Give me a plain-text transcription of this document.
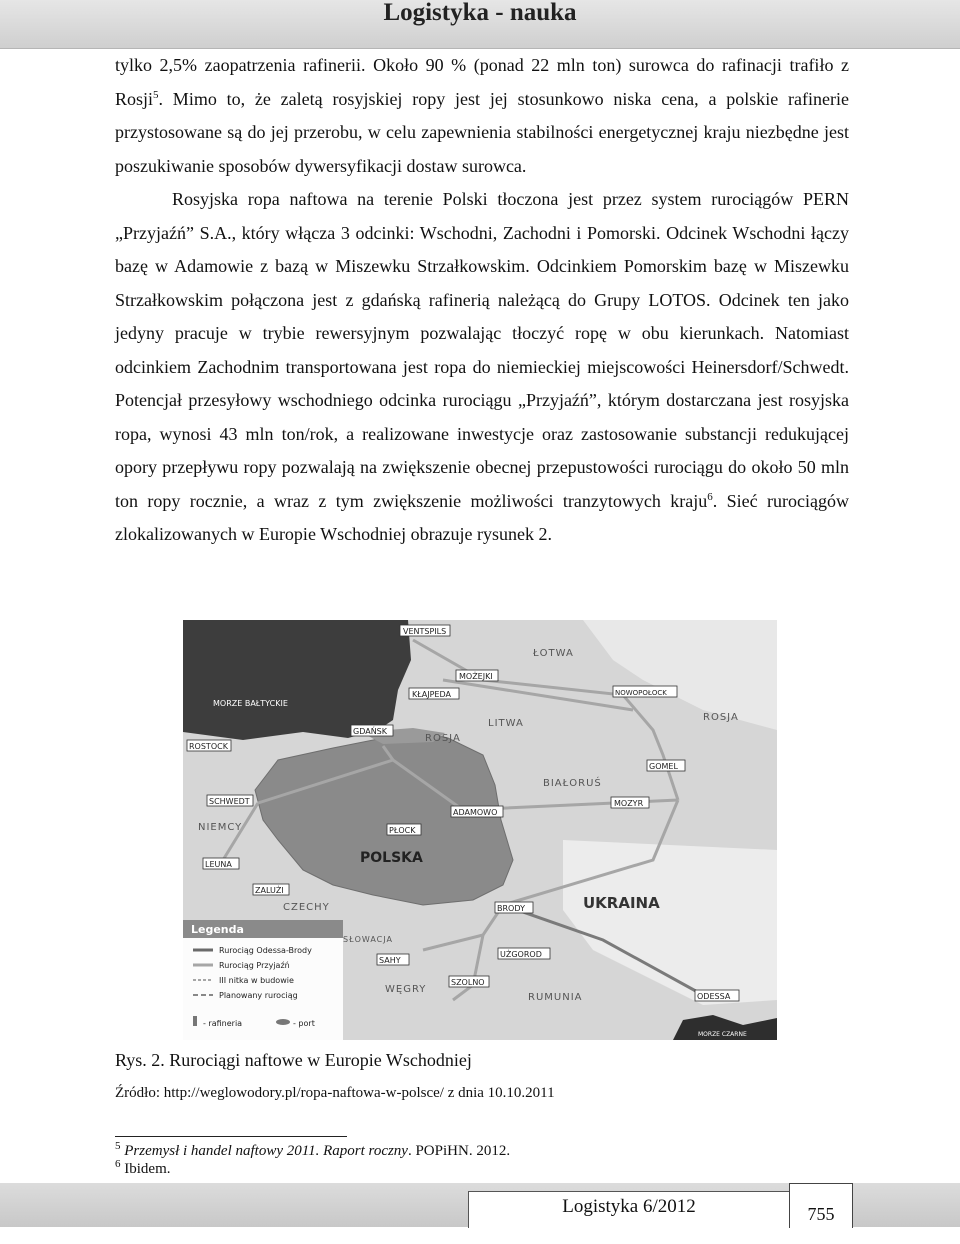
Logistyka - nauka

tylko 2,5% zaopatrzenia rafinerii. Około 90 % (ponad 22 mln ton) surowca do rafinacji trafiło z Rosji$^5$. Mimo to, że zaletą rosyjskiej ropy jest jej stosunkowo niska cena, a polskie rafinerie przystosowane są do jej przerobu, w celu zapewnienia stabilności energetycznej kraju niezbędne jest poszukiwanie sposobów dywersyfikacji dostaw surowca.

Rosyjska ropa naftowa na terenie Polski tłoczona jest przez system rurociągów PERN „Przyjaźń” S.A., który włącza 3 odcinki: Wschodni, Zachodni i Pomorski. Odcinek Wschodni łączy bazę w Adamowie z bazą w Miszewku Strzałkowskim. Odcinkiem Pomorskim bazę w Miszewku Strzałkowskim połączona jest z gdańską rafinerią należącą do Grupy LOTOS. Odcinek ten jako jedyny pracuje w trybie rewersyjnym pozwalając tłoczyć ropę w obu kierunkach. Natomiast odcinkiem Zachodnim transportowana jest ropa do niemieckiej miejscowości Heinersdorf/Schwedt. Potencjał przesyłowy wschodniego odcinka rurociągu „Przyjaźń”, którym dostarczana jest rosyjska ropa, wynosi 43 mln ton/rok, a realizowane inwestycje oraz zastosowanie substancji redukującej opory przepływu ropy pozwalają na zwiększenie obecnej przepustowości rurociągu do około 50 mln ton ropy rocznie, a wraz z tym zwiększenie możliwości tranzytowych kraju$^6$. Sieć rurociągów zlokalizowanych w Europie Wschodniej obrazuje rysunek 2.

Legenda
Rurociąg Odessa-Brody
Rurociąg Przyjaźń
III nitka w budowie
Planowany rurociąg
- rafineria	- port
ŁOTWA
LITWA
ROSJA
ROSJA
BIAŁORUŚ
NIEMCY
POLSKA
CZECHY
SŁOWACJA
WĘGRY
UKRAINA
RUMUNIA
MORZE BAŁTYCKIE
MORZE CZARNE
VENTSPILS
MOŻEJKI
KŁAJPEDA	NOWOPOŁOCK
ROSTOCK
GDAŃSK
GOMEL
SCHWEDT
ADAMOWO
MOZYR
PŁOCK
LEUNA
ZALUŻI
BRODY
SAHY
UŻGOROD
SZOLNO
ODESSA
Rys. 2. Rurociągi naftowe w Europie Wschodniej
Źródło: http://weglowodory.pl/ropa-naftowa-w-polsce/ z dnia 10.10.2011
$^5$ Przemysł i handel naftowy 2011. Raport roczny. POPiHN. 2012.
$^6$ Ibidem.
Logistyka 6/2012	755
